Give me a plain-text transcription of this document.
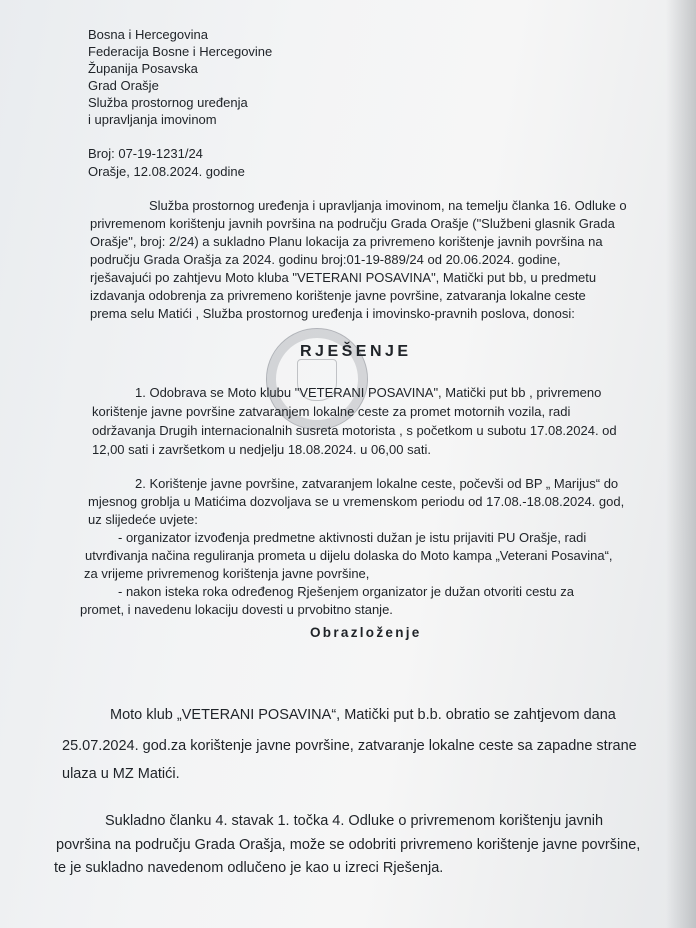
Bosna i Hercegovina
Federacija Bosne i Hercegovine
Županija Posavska
Grad Orašje
Služba prostornog uređenja
i upravljanja imovinom
Broj: 07-19-1231/24
Orašje, 12.08.2024. godine
Služba prostornog uređenja i upravljanja imovinom, na temelju članka 16. Odluke o
privremenom korištenju javnih površina na području Grada Orašje ("Službeni glasnik Grada
Orašje", broj: 2/24) a sukladno Planu lokacija za privremeno korištenje javnih površina na
području Grada Orašja za 2024. godinu broj:01-19-889/24 od 20.06.2024. godine,
rješavajući po zahtjevu Moto kluba "VETERANI POSAVINA", Matički put bb, u predmetu
izdavanja odobrenja za privremeno korištenje javne površine, zatvaranja lokalne ceste
prema selu Matići , Služba prostornog uređenja i imovinsko-pravnih poslova, donosi:
RJEŠENJE
1. Odobrava se Moto klubu "VETERANI POSAVINA", Matički put bb , privremeno
korištenje javne površine zatvaranjem lokalne ceste za promet motornih vozila, radi
održavanja Drugih internacionalnih susreta motorista , s početkom u subotu 17.08.2024. od
12,00 sati i završetkom u nedjelju 18.08.2024. u 06,00 sati.
2. Korištenje javne površine, zatvaranjem lokalne ceste, počevši od BP „ Marijus“ do
mjesnog groblja u Matićima dozvoljava se u vremenskom periodu od 17.08.-18.08.2024. god,
uz slijedeće uvjete:
- organizator izvođenja predmetne aktivnosti dužan je istu prijaviti PU Orašje, radi
utvrđivanja načina reguliranja prometa u dijelu dolaska do Moto kampa „Veterani Posavina“,
za vrijeme privremenog korištenja javne površine,
- nakon isteka roka određenog Rješenjem organizator je dužan otvoriti cestu za
promet, i navedenu lokaciju dovesti u prvobitno stanje.
Obrazloženje
Moto klub „VETERANI POSAVINA“, Matički put b.b. obratio se zahtjevom dana
25.07.2024. god.za korištenje javne površine, zatvaranje lokalne ceste sa zapadne strane
ulaza u MZ Matići.
Sukladno članku 4. stavak 1. točka 4. Odluke o privremenom korištenju javnih
površina na području Grada Orašja, može se odobriti privremeno korištenje javne površine,
te je sukladno navedenom odlučeno je kao u izreci Rješenja.
